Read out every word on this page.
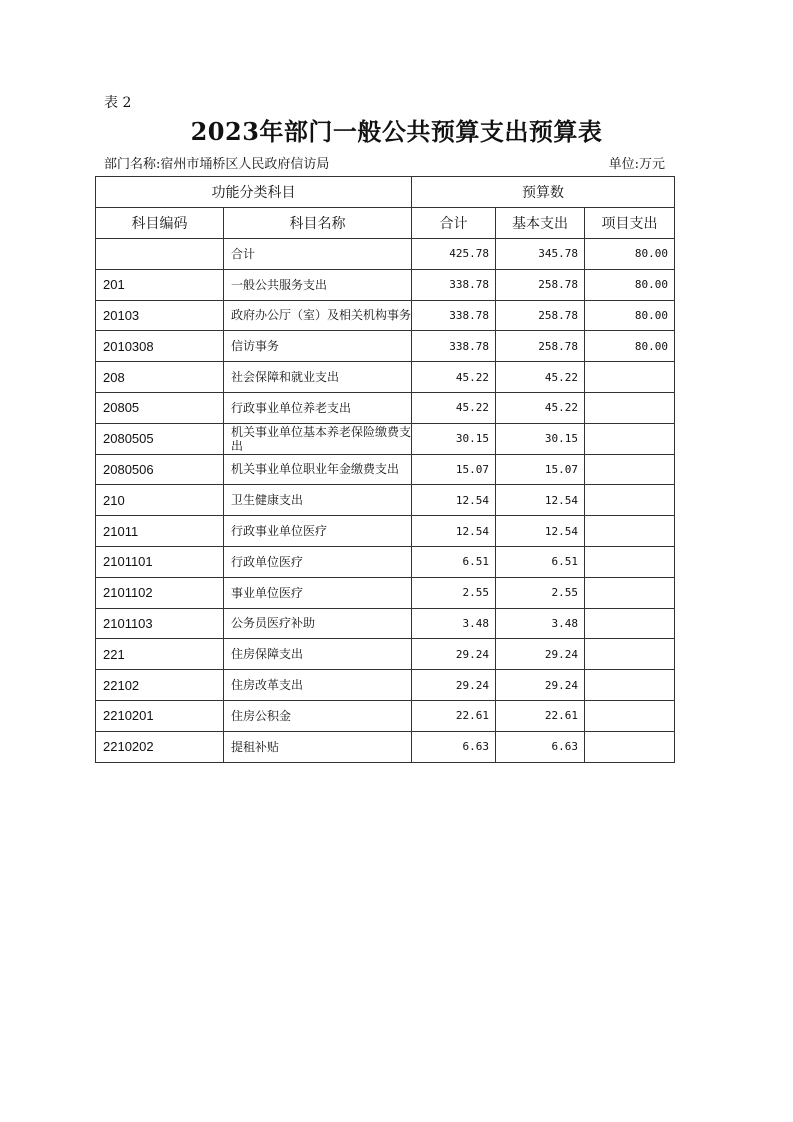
表 2
2023年部门一般公共预算支出预算表
部门名称:宿州市埇桥区人民政府信访局	单位:万元
功能分类科目		预算数		
科目编码	科目名称	合计	基本支出	项目支出
	合计	425.78	345.78	80.00
201	一般公共服务支出	338.78	258.78	80.00
20103	政府办公厅（室）及相关机构事务	338.78	258.78	80.00
2010308	信访事务	338.78	258.78	80.00
208	社会保障和就业支出	45.22	45.22	
20805	行政事业单位养老支出	45.22	45.22	
2080505	机关事业单位基本养老保险缴费支出	30.15	30.15	
2080506	机关事业单位职业年金缴费支出	15.07	15.07	
210	卫生健康支出	12.54	12.54	
21011	行政事业单位医疗	12.54	12.54	
2101101	行政单位医疗	6.51	6.51	
2101102	事业单位医疗	2.55	2.55	
2101103	公务员医疗补助	3.48	3.48	
221	住房保障支出	29.24	29.24	
22102	住房改革支出	29.24	29.24	
2210201	住房公积金	22.61	22.61	
2210202	提租补贴	6.63	6.63	
